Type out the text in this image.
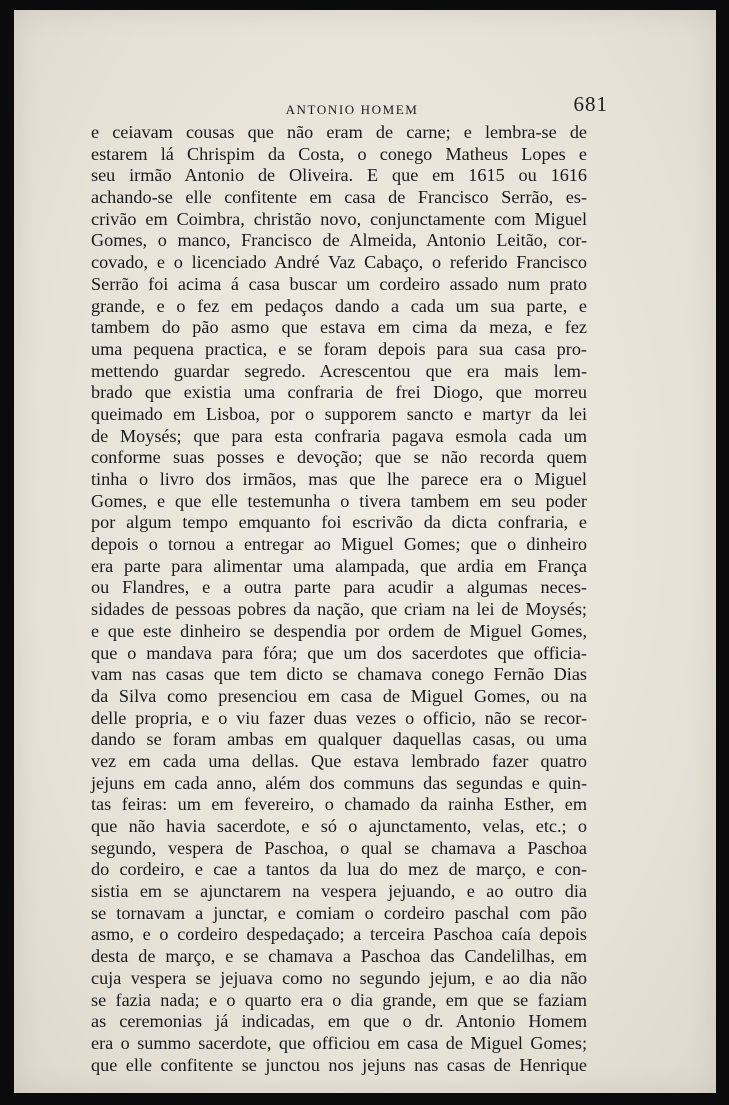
ANTONIO HOMEM	681
e ceiavam cousas que não eram de carne; e lembra-se de
estarem lá Chrispim da Costa, o conego Matheus Lopes e
seu irmão Antonio de Oliveira. E que em 1615 ou 1616
achando-se elle confitente em casa de Francisco Serrão, es-
crivão em Coimbra, christão novo, conjunctamente com Miguel
Gomes, o manco, Francisco de Almeida, Antonio Leitão, cor-
covado, e o licenciado André Vaz Cabaço, o referido Francisco
Serrão foi acima á casa buscar um cordeiro assado num prato
grande, e o fez em pedaços dando a cada um sua parte, e
tambem do pão asmo que estava em cima da meza, e fez
uma pequena practica, e se foram depois para sua casa pro-
mettendo guardar segredo. Acrescentou que era mais lem-
brado que existia uma confraria de frei Diogo, que morreu
queimado em Lisboa, por o supporem sancto e martyr da lei
de Moysés; que para esta confraria pagava esmola cada um
conforme suas posses e devoção; que se não recorda quem
tinha o livro dos irmãos, mas que lhe parece era o Miguel
Gomes, e que elle testemunha o tivera tambem em seu poder
por algum tempo emquanto foi escrivão da dicta confraria, e
depois o tornou a entregar ao Miguel Gomes; que o dinheiro
era parte para alimentar uma alampada, que ardia em França
ou Flandres, e a outra parte para acudir a algumas neces-
sidades de pessoas pobres da nação, que criam na lei de Moysés;
e que este dinheiro se despendia por ordem de Miguel Gomes,
que o mandava para fóra; que um dos sacerdotes que officia-
vam nas casas que tem dicto se chamava conego Fernão Dias
da Silva como presenciou em casa de Miguel Gomes, ou na
delle propria, e o viu fazer duas vezes o officio, não se recor-
dando se foram ambas em qualquer daquellas casas, ou uma
vez em cada uma dellas. Que estava lembrado fazer quatro
jejuns em cada anno, além dos communs das segundas e quin-
tas feiras: um em fevereiro, o chamado da rainha Esther, em
que não havia sacerdote, e só o ajunctamento, velas, etc.; o
segundo, vespera de Paschoa, o qual se chamava a Paschoa
do cordeiro, e cae a tantos da lua do mez de março, e con-
sistia em se ajunctarem na vespera jejuando, e ao outro dia
se tornavam a junctar, e comiam o cordeiro paschal com pão
asmo, e o cordeiro despedaçado; a terceira Paschoa caía depois
desta de março, e se chamava a Paschoa das Candelilhas, em
cuja vespera se jejuava como no segundo jejum, e ao dia não
se fazia nada; e o quarto era o dia grande, em que se faziam
as ceremonias já indicadas, em que o dr. Antonio Homem
era o summo sacerdote, que officiou em casa de Miguel Gomes;
que elle confitente se junctou nos jejuns nas casas de Henrique
